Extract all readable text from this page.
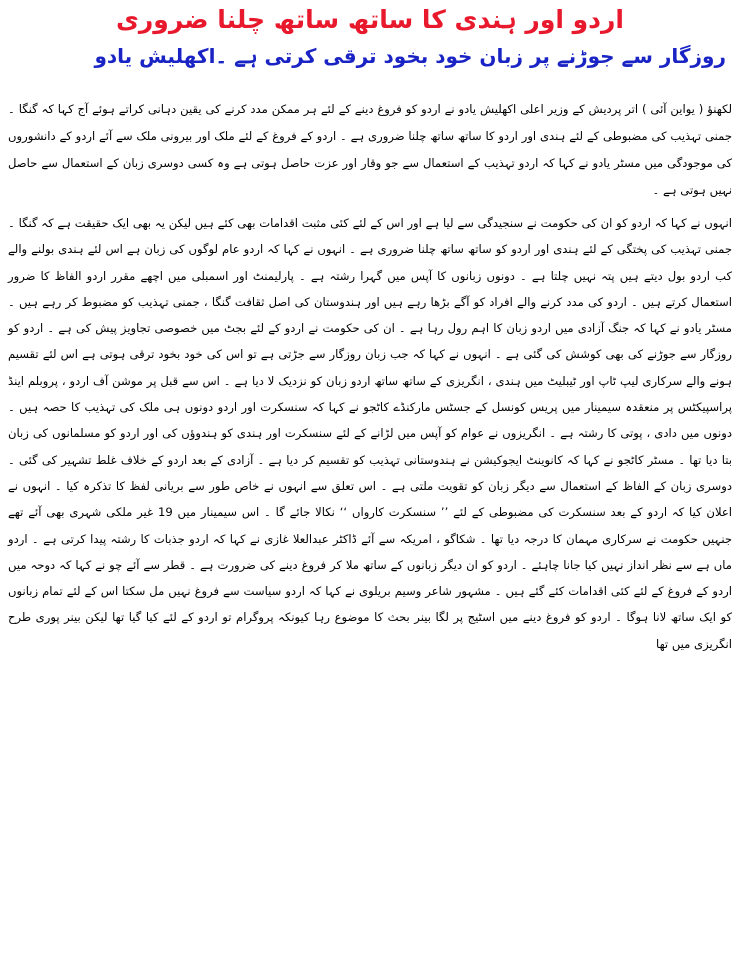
اردو اور ہندی کا ساتھ ساتھ چلنا ضروری
روزگار سے جوڑنے پر زبان خود بخود ترقی کرتی ہے ۔اکھلیش یادو

لکھنؤ ( یواین آئی ) اتر پردیش کے وزیر اعلی اکھلیش یادو نے اردو کو فروغ دینے کے لئے ہر ممکن مدد کرنے کی یقین دہانی کراتے ہوئے آج کہا کہ گنگا ۔ جمنی تہذیب کی مضبوطی کے لئے ہندی اور اردو کا ساتھ ساتھ چلنا ضروری ہے ۔ اردو کے فروغ کے لئے ملک اور بیرونی ملک سے آئے اردو کے دانشوروں کی موجودگی میں مسٹر یادو نے کہا کہ اردو تہذیب کے استعمال سے جو وقار اور عزت حاصل ہوتی ہے وہ کسی دوسری زبان کے استعمال سے حاصل نہیں ہوتی ہے ۔

انہوں نے کہا کہ اردو کو ان کی حکومت نے سنجیدگی سے لیا ہے اور اس کے لئے کئی مثبت اقدامات بھی کئے ہیں لیکن یہ بھی ایک حقیقت ہے کہ گنگا ۔ جمنی تہذیب کی پختگی کے لئے ہندی اور اردو کو ساتھ ساتھ چلنا ضروری ہے ۔ انہوں نے کہا کہ اردو عام لوگوں کی زبان ہے اس لئے ہندی بولنے والے کب اردو بول دیتے ہیں پتہ نہیں چلتا ہے ۔ دونوں زبانوں کا آپس میں گہرا رشتہ ہے ۔ پارلیمنٹ اور اسمبلی میں اچھے مقرر اردو الفاظ کا ضرور استعمال کرتے ہیں ۔ اردو کی مدد کرنے والے افراد کو آگے بڑھا رہے ہیں اور ہندوستان کی اصل ثقافت گنگا ، جمنی تہذیب کو مضبوط کر رہے ہیں ۔ مسٹر یادو نے کہا کہ جنگ آزادی میں اردو زبان کا اہم رول رہا ہے ۔ ان کی حکومت نے اردو کے لئے بجٹ میں خصوصی تجاویز پیش کی ہے ۔ اردو کو روزگار سے جوڑنے کی بھی کوشش کی گئی ہے ۔ انہوں نے کہا کہ جب زبان روزگار سے جڑتی ہے تو اس کی خود بخود ترقی ہوتی ہے اس لئے تقسیم ہونے والے سرکاری لیپ ٹاپ اور ٹیبلیٹ میں ہندی ، انگریزی کے ساتھ ساتھ اردو زبان کو نزدیک لا دیا ہے ۔ اس سے قبل پر موشن آف اردو ، پروبلم اینڈ پراسپیکٹس پر منعقدہ سیمینار میں پریس کونسل کے جسٹس مارکنڈے کاٹجو نے کہا کہ سنسکرت اور اردو دونوں ہی ملک کی تہذیب کا حصہ ہیں ۔ دونوں میں دادی ، پوتی کا رشتہ ہے ۔ انگریزوں نے عوام کو آپس میں لڑانے کے لئے سنسکرت اور ہندی کو ہندوؤں کی اور اردو کو مسلمانوں کی زبان بتا دیا تھا ۔ مسٹر کاٹجو نے کہا کہ کانوینٹ ایجوکیشن نے ہندوستانی تہذیب کو تقسیم کر دیا ہے ۔ آزادی کے بعد اردو کے خلاف غلط تشہیر کی گئی ۔ دوسری زبان کے الفاظ کے استعمال سے دیگر زبان کو تقویت ملتی ہے ۔ اس تعلق سے انہوں نے خاص طور سے بریانی لفظ کا تذکرہ کیا ۔ انہوں نے اعلان کیا کہ اردو کے بعد سنسکرت کی مضبوطی کے لئے ’’ سنسکرت کارواں ‘‘ نکالا جائے گا ۔ اس سیمینار میں 19 غیر ملکی شہری بھی آئے تھے جنہیں حکومت نے سرکاری مہمان کا درجہ دیا تھا ۔ شکاگو ، امریکہ سے آئے ڈاکٹر عبدالعلا غازی نے کہا کہ اردو جذبات کا رشتہ پیدا کرتی ہے ۔ اردو ماں ہے سے نظر انداز نہیں کیا جانا چاہئے ۔ اردو کو ان دیگر زبانوں کے ساتھ ملا کر فروغ دینے کی ضرورت ہے ۔ قطر سے آئے چو نے کہا کہ دوحہ میں اردو کے فروغ کے لئے کئی اقدامات کئے گئے ہیں ۔ مشہور شاعر وسیم بریلوی نے کہا کہ اردو سیاست سے فروغ نہیں مل سکتا اس کے لئے تمام زبانوں کو ایک ساتھ لانا ہوگا ۔ اردو کو فروغ دینے میں اسٹیج پر لگا بینر بحث کا موضوع رہا کیونکہ پروگرام تو اردو کے لئے کیا گیا تھا لیکن بینر پوری طرح انگریزی میں تھا
